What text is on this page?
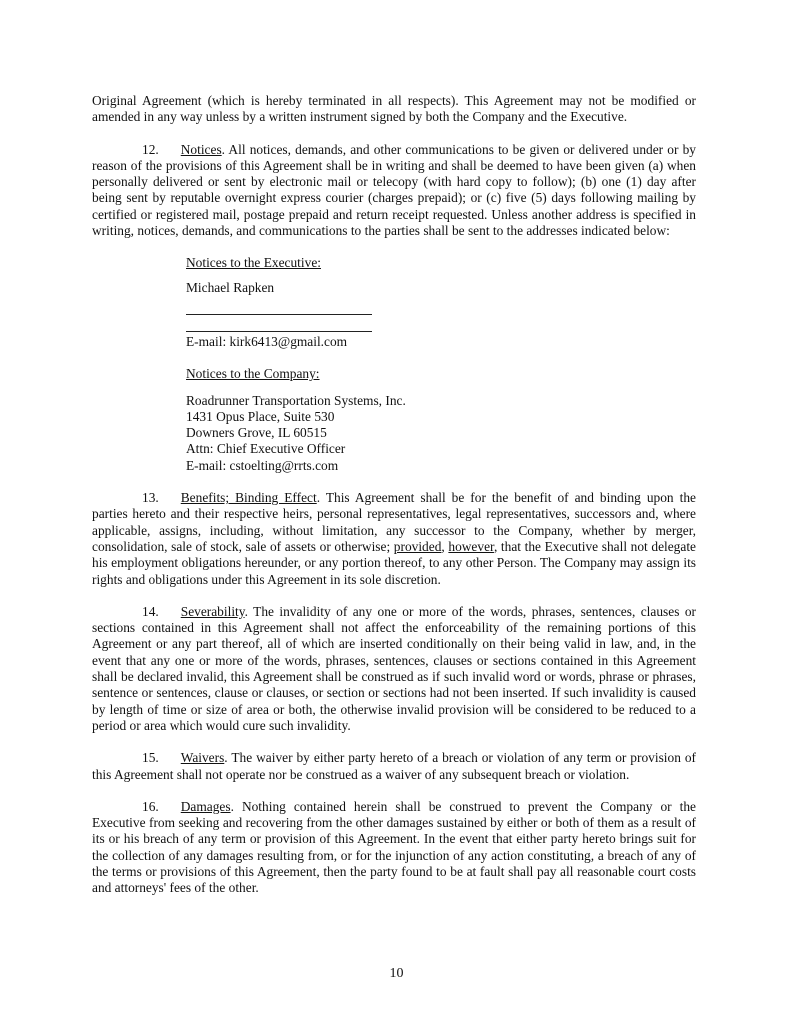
Original Agreement (which is hereby terminated in all respects). This Agreement may not be modified or amended in any way unless by a written instrument signed by both the Company and the Executive.

12. Notices. All notices, demands, and other communications to be given or delivered under or by reason of the provisions of this Agreement shall be in writing and shall be deemed to have been given (a) when personally delivered or sent by electronic mail or telecopy (with hard copy to follow); (b) one (1) day after being sent by reputable overnight express courier (charges prepaid); or (c) five (5) days following mailing by certified or registered mail, postage prepaid and return receipt requested. Unless another address is specified in writing, notices, demands, and communications to the parties shall be sent to the addresses indicated below:

Notices to the Executive:
Michael Rapken
E-mail: kirk6413@gmail.com
Notices to the Company:
Roadrunner Transportation Systems, Inc.
1431 Opus Place, Suite 530
Downers Grove, IL 60515
Attn: Chief Executive Officer
E-mail: cstoelting@rrts.com

13. Benefits; Binding Effect. This Agreement shall be for the benefit of and binding upon the parties hereto and their respective heirs, personal representatives, legal representatives, successors and, where applicable, assigns, including, without limitation, any successor to the Company, whether by merger, consolidation, sale of stock, sale of assets or otherwise; provided, however, that the Executive shall not delegate his employment obligations hereunder, or any portion thereof, to any other Person. The Company may assign its rights and obligations under this Agreement in its sole discretion.

14. Severability. The invalidity of any one or more of the words, phrases, sentences, clauses or sections contained in this Agreement shall not affect the enforceability of the remaining portions of this Agreement or any part thereof, all of which are inserted conditionally on their being valid in law, and, in the event that any one or more of the words, phrases, sentences, clauses or sections contained in this Agreement shall be declared invalid, this Agreement shall be construed as if such invalid word or words, phrase or phrases, sentence or sentences, clause or clauses, or section or sections had not been inserted. If such invalidity is caused by length of time or size of area or both, the otherwise invalid provision will be considered to be reduced to a period or area which would cure such invalidity.

15. Waivers. The waiver by either party hereto of a breach or violation of any term or provision of this Agreement shall not operate nor be construed as a waiver of any subsequent breach or violation.

16. Damages. Nothing contained herein shall be construed to prevent the Company or the Executive from seeking and recovering from the other damages sustained by either or both of them as a result of its or his breach of any term or provision of this Agreement. In the event that either party hereto brings suit for the collection of any damages resulting from, or for the injunction of any action constituting, a breach of any of the terms or provisions of this Agreement, then the party found to be at fault shall pay all reasonable court costs and attorneys' fees of the other.

10
